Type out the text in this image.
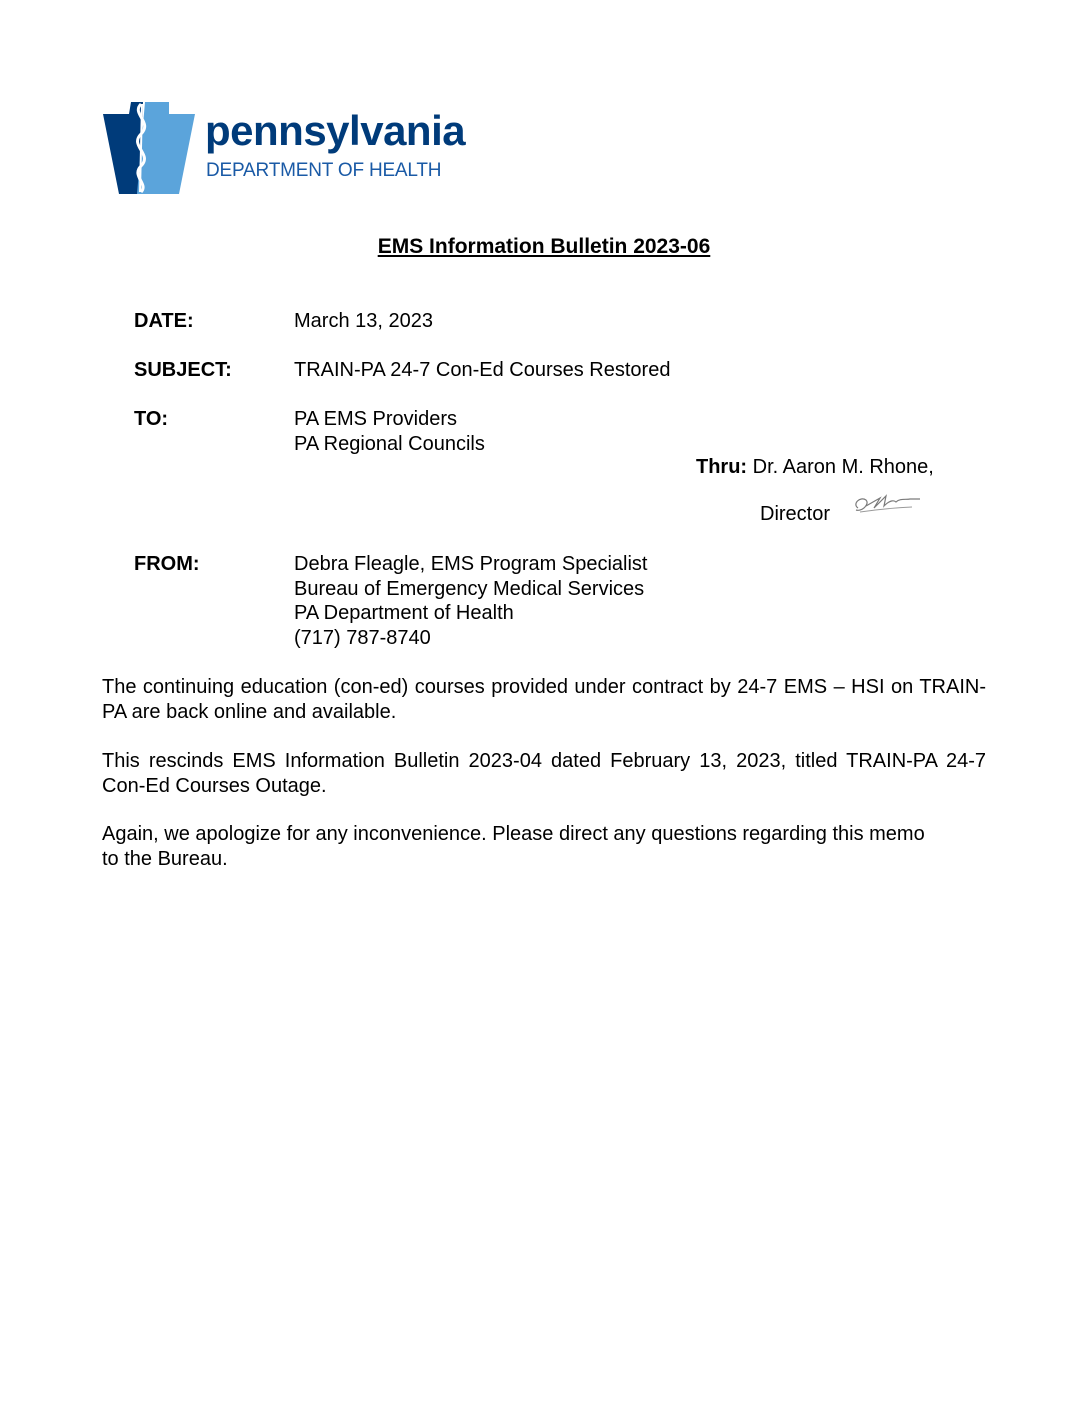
pennsylvania
DEPARTMENT OF HEALTH
EMS Information Bulletin 2023-06
DATE:	March 13, 2023
SUBJECT:	TRAIN-PA 24-7 Con-Ed Courses Restored
TO:	PA EMS Providers
PA Regional Councils
Thru: Dr. Aaron M. Rhone,
Director
FROM:	Debra Fleagle, EMS Program Specialist
Bureau of Emergency Medical Services
PA Department of Health
(717) 787-8740
The continuing education (con-ed) courses provided under contract by 24-7 EMS – HSI on TRAIN-PA are back online and available.
This rescinds EMS Information Bulletin 2023-04 dated February 13, 2023, titled TRAIN-PA 24-7 Con-Ed Courses Outage.
Again, we apologize for any inconvenience. Please direct any questions regarding this memo to the Bureau.
